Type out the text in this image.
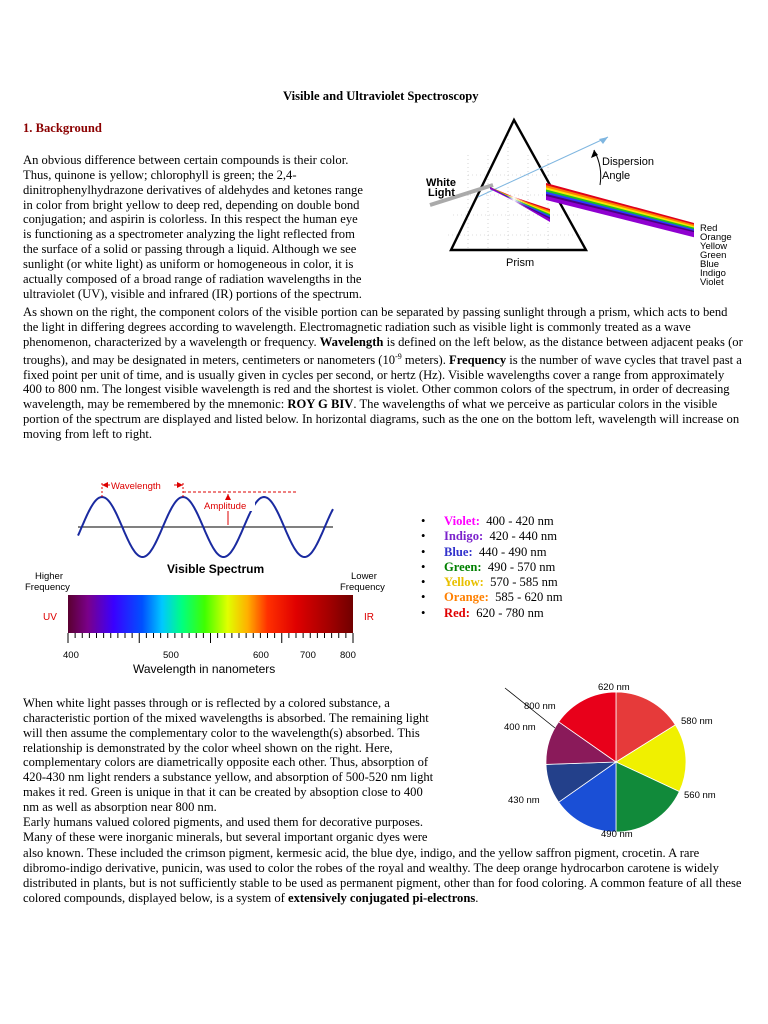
Visible and Ultraviolet Spectroscopy
1. Background
An obvious difference between certain compounds is their color.
Thus, quinone is yellow; chlorophyll is green; the 2,4-
dinitrophenylhydrazone derivatives of aldehydes and ketones range
in color from bright yellow to deep red, depending on double bond
conjugation; and aspirin is colorless. In this respect the human eye
is functioning as a spectrometer analyzing the light reflected from
the surface of a solid or passing through a liquid. Although we see
sunlight (or white light) as uniform or homogeneous in color, it is
actually composed of a broad range of radiation wavelengths in the
ultraviolet (UV), visible and infrared (IR) portions of the spectrum.
White
Light
Dispersion
Angle
Prism
Red
Orange
Yellow
Green
Blue
Indigo
Violet

As shown on the right, the component colors of the visible portion can be separated by passing sunlight through a prism, which acts to bend the light in differing degrees according to wavelength. Electromagnetic radiation such as visible light is commonly treated as a wave phenomenon, characterized by a wavelength or frequency. Wavelength is defined on the left below, as the distance between adjacent peaks (or troughs), and may be designated in meters, centimeters or nanometers ($10^{-9}$ meters). Frequency is the number of wave cycles that travel past a fixed point per unit of time, and is usually given in cycles per second, or hertz (Hz). Visible wavelengths cover a range from approximately 400 to 800 nm. The longest visible wavelength is red and the shortest is violet. Other common colors of the spectrum, in order of decreasing wavelength, may be remembered by the mnemonic: ROY G BIV. The wavelengths of what we perceive as particular colors in the visible portion of the spectrum are displayed and listed below. In horizontal diagrams, such as the one on the bottom left, wavelength will increase on moving from left to right.

Wavelength
Amplitude
Visible Spectrum
Higher
Frequency
Lower
Frequency
UV	IR
400	500	600	700	800
Wavelength in nanometers
• Violet: 400 - 420 nm
• Indigo: 420 - 440 nm
• Blue: 440 - 490 nm
• Green: 490 - 570 nm
• Yellow: 570 - 585 nm
• Orange: 585 - 620 nm
• Red: 620 - 780 nm
When white light passes through or is reflected by a colored substance, a
characteristic portion of the mixed wavelengths is absorbed. The remaining light
will then assume the complementary color to the wavelength(s) absorbed. This
relationship is demonstrated by the color wheel shown on the right. Here,
complementary colors are diametrically opposite each other. Thus, absorption of
420-430 nm light renders a substance yellow, and absorption of 500-520 nm light
makes it red. Green is unique in that it can be created by absoption close to 400
nm as well as absorption near 800 nm.
Early humans valued colored pigments, and used them for decorative purposes.
Many of these were inorganic minerals, but several important organic dyes were

also known. These included the crimson pigment, kermesic acid, the blue dye, indigo, and the yellow saffron pigment, crocetin. A rare dibromo-indigo derivative, punicin, was used to color the robes of the royal and wealthy. The deep orange hydrocarbon carotene is widely distributed in plants, but is not sufficiently stable to be used as permanent pigment, other than for food coloring. A common feature of all these colored compounds, displayed below, is a system of extensively conjugated pi-electrons.

620 nm
580 nm
560 nm
490 nm
430 nm
400 nm
800 nm
